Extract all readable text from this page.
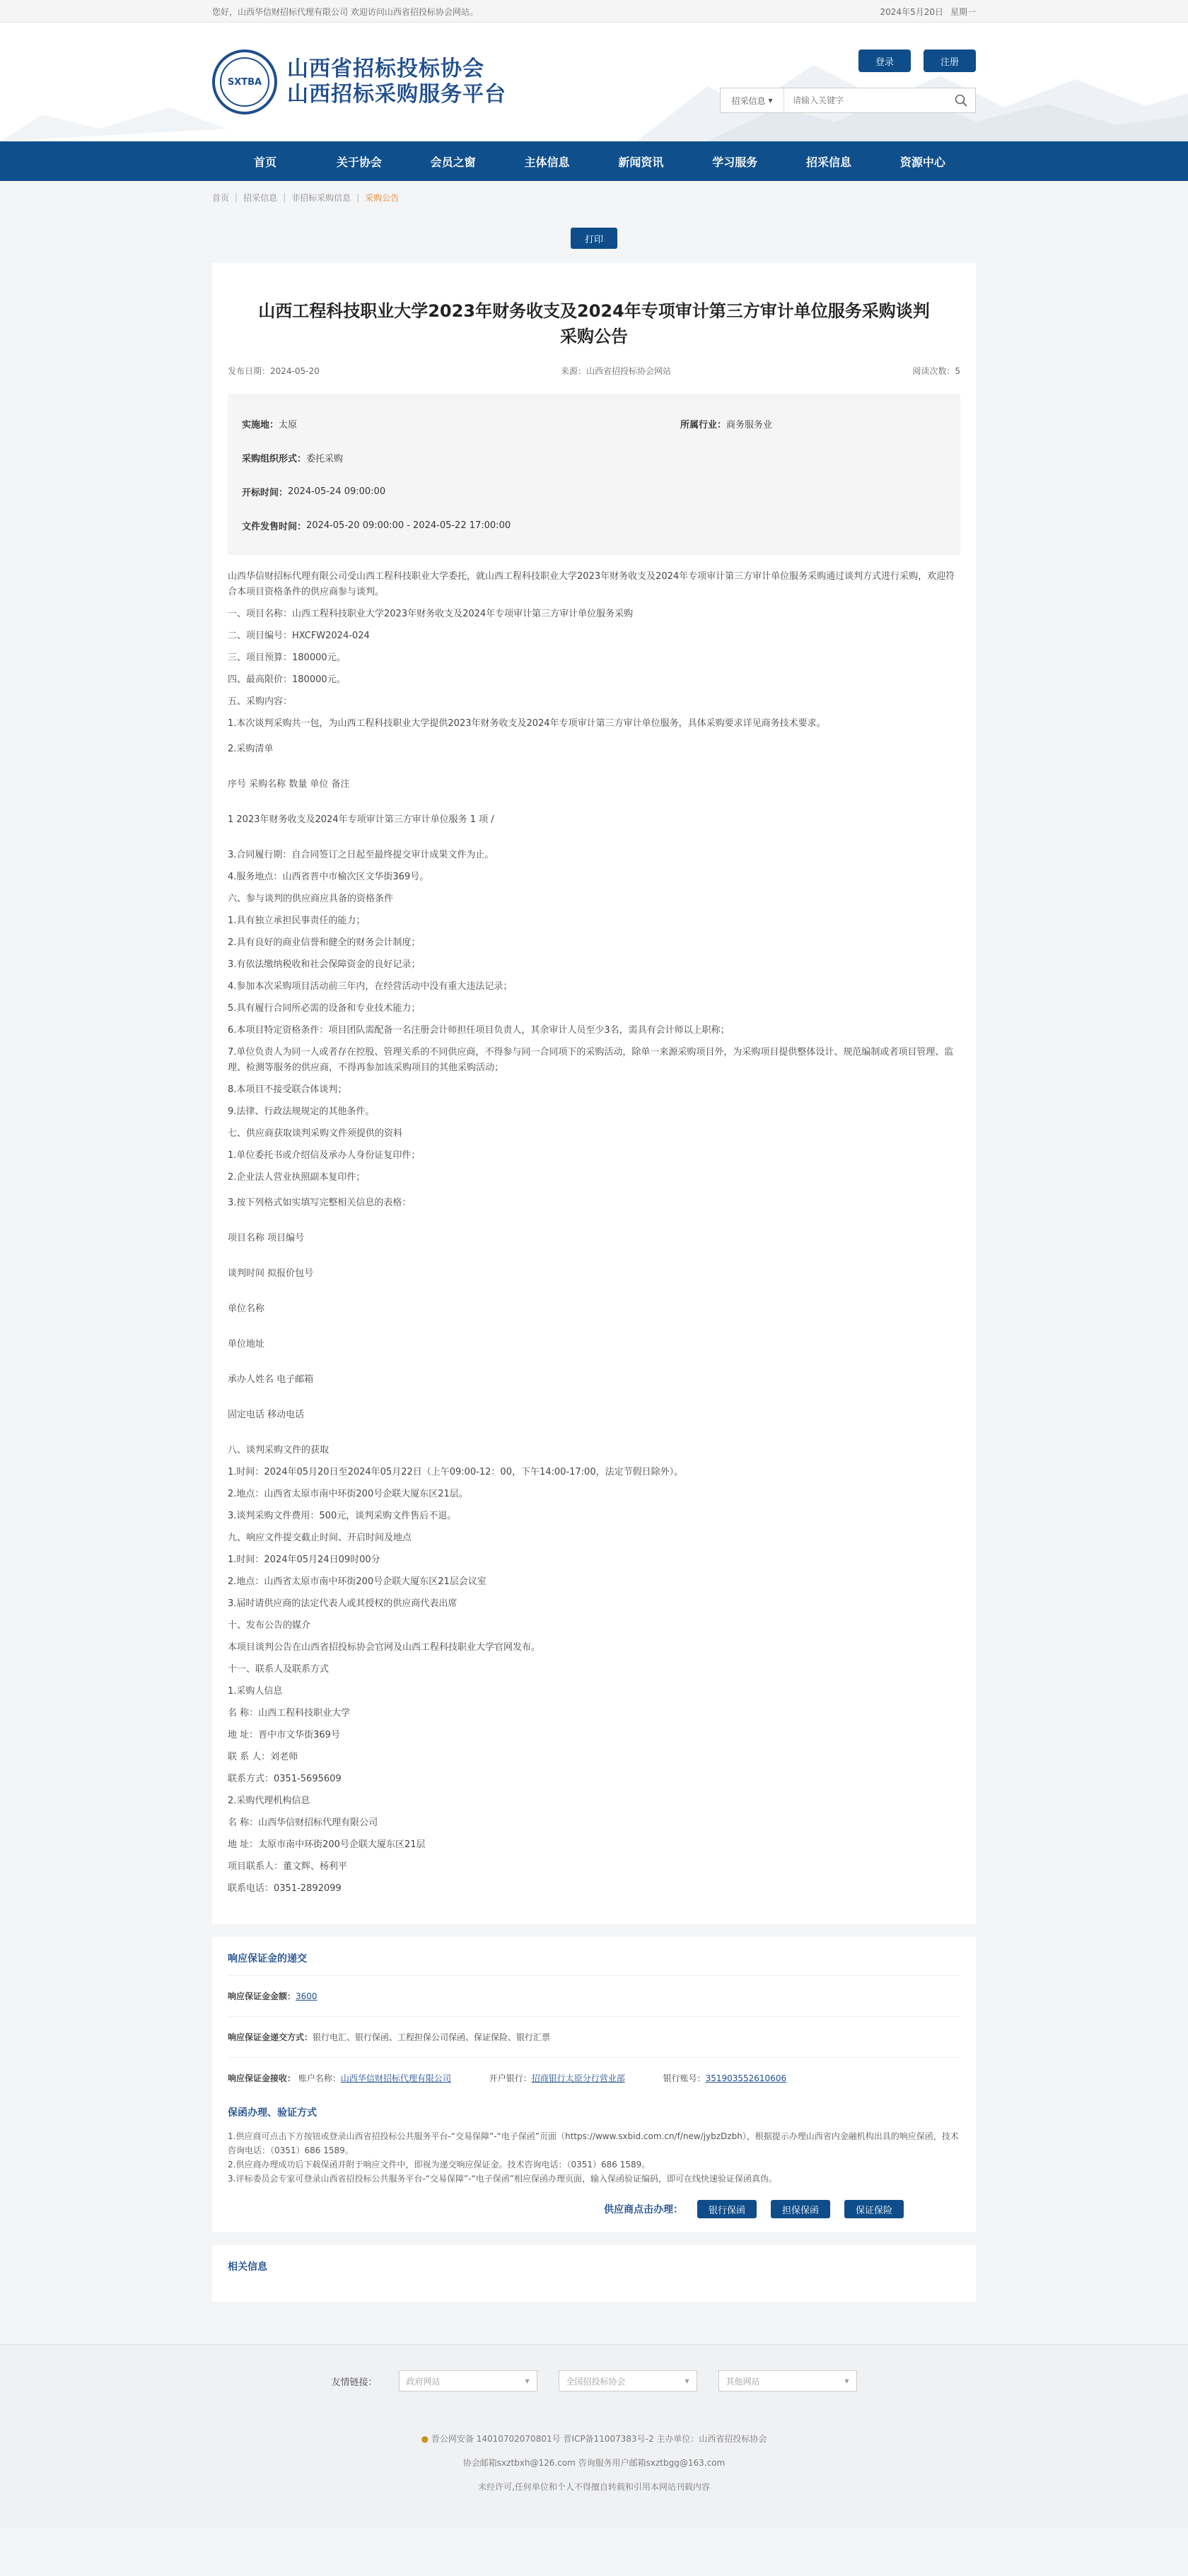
您好，山西华信财招标代理有限公司 欢迎访问山西省招投标协会网站。	2024年5月20日 星期一
SXTBA
山西省招标投标协会
山西招标采购服务平台
登录	注册
招采信息 ▾
请输入关键字
首页	关于协会	会员之窗	主体信息	新闻资讯	学习服务	招采信息	资源中心
首页 | 招采信息 | 非招标采购信息 | 采购公告
打印
山西工程科技职业大学2023年财务收支及2024年专项审计第三方审计单位服务采购谈判采购公告
发布日期：2024-05-20	来源：山西省招投标协会网站	阅读次数：5
实施地：太原	所属行业：商务服务业
采购组织形式： 委托采购
开标时间： 2024-05-24 09:00:00
文件发售时间： 2024-05-20 09:00:00 - 2024-05-22 17:00:00

山西华信财招标代理有限公司受山西工程科技职业大学委托，就山西工程科技职业大学2023年财务收支及2024年专项审计第三方审计单位服务采购通过谈判方式进行采购，欢迎符合本项目资格条件的供应商参与谈判。

一、项目名称：山西工程科技职业大学2023年财务收支及2024年专项审计第三方审计单位服务采购

二、项目编号：HXCFW2024-024

三、项目预算：180000元。

四、最高限价：180000元。

五、采购内容：

1.本次谈判采购共一包，为山西工程科技职业大学提供2023年财务收支及2024年专项审计第三方审计单位服务，具体采购要求详见商务技术要求。

2.采购清单

序号 采购名称 数量 单位 备注

1 2023年财务收支及2024年专项审计第三方审计单位服务 1 项 /

3.合同履行期：自合同签订之日起至最终提交审计成果文件为止。

4.服务地点：山西省晋中市榆次区文华街369号。

六、参与谈判的供应商应具备的资格条件

1.具有独立承担民事责任的能力；

2.具有良好的商业信誉和健全的财务会计制度；

3.有依法缴纳税收和社会保障资金的良好记录；

4.参加本次采购项目活动前三年内，在经营活动中没有重大违法记录；

5.具有履行合同所必需的设备和专业技术能力；

6.本项目特定资格条件：项目团队需配备一名注册会计师担任项目负责人，其余审计人员至少3名，需具有会计师以上职称；

7.单位负责人为同一人或者存在控股、管理关系的不同供应商，不得参与同一合同项下的采购活动，除单一来源采购项目外，为采购项目提供整体设计、规范编制或者项目管理、监理、检测等服务的供应商，不得再参加该采购项目的其他采购活动；

8.本项目不接受联合体谈判；

9.法律、行政法规规定的其他条件。

七、供应商获取谈判采购文件须提供的资料

1.单位委托书或介绍信及承办人身份证复印件；

2.企业法人营业执照副本复印件；

3.按下列格式如实填写完整相关信息的表格：

项目名称 项目编号

谈判时间 拟报价包号

单位名称

单位地址

承办人姓名 电子邮箱

固定电话 移动电话

八、谈判采购文件的获取

1.时间：2024年05月20日至2024年05月22日（上午09:00-12：00，下午14:00-17:00，法定节假日除外）。

2.地点：山西省太原市南中环街200号企联大厦东区21层。

3.谈判采购文件费用：500元，谈判采购文件售后不退。

九、响应文件提交截止时间、开启时间及地点

1.时间：2024年05月24日09时00分

2.地点：山西省太原市南中环街200号企联大厦东区21层会议室

3.届时请供应商的法定代表人或其授权的供应商代表出席

十、发布公告的媒介

本项目谈判公告在山西省招投标协会官网及山西工程科技职业大学官网发布。

十一、联系人及联系方式

1.采购人信息

名 称：山西工程科技职业大学

地 址：晋中市文华街369号

联 系 人：刘老师

联系方式：0351-5695609

2.采购代理机构信息

名 称：山西华信财招标代理有限公司

地 址：太原市南中环街200号企联大厦东区21层

项目联系人：董文辉、杨利平

联系电话：0351-2892099

响应保证金的递交
响应保证金金额：3600
响应保证金递交方式：银行电汇、银行保函、工程担保公司保函、保证保险、银行汇票
响应保证金接收： 账户名称：山西华信财招标代理有限公司	开户银行：招商银行太原分行营业部	银行账号：351903552610606
保函办理、验证方式

1.供应商可点击下方按钮或登录山西省招投标公共服务平台-“交易保障”-“电子保函”页面（https://www.sxbid.com.cn/f/new/jybzDzbh），根据提示办理山西省内金融机构出具的响应保函，技术咨询电话：（0351）686 1589。

2.供应商办理成功后下载保函并附于响应文件中，即视为递交响应保证金。技术咨询电话：（0351）686 1589。

3.评标委员会专家可登录山西省招投标公共服务平台-“交易保障”-“电子保函”相应保函办理页面，输入保函验证编码，即可在线快速验证保函真伪。

供应商点击办理：	银行保函	担保保函	保证保险
相关信息
友情链接：	政府网站	▾	全国招投标协会	▾	其他网站	▾
● 晋公网安备 14010702070801号 晋ICP备11007383号-2 主办单位：山西省招投标协会
协会邮箱sxztbxh@126.com 咨询服务用户邮箱sxztbgg@163.com
未经许可,任何单位和个人不得擅自转载和引用本网站刊载内容
